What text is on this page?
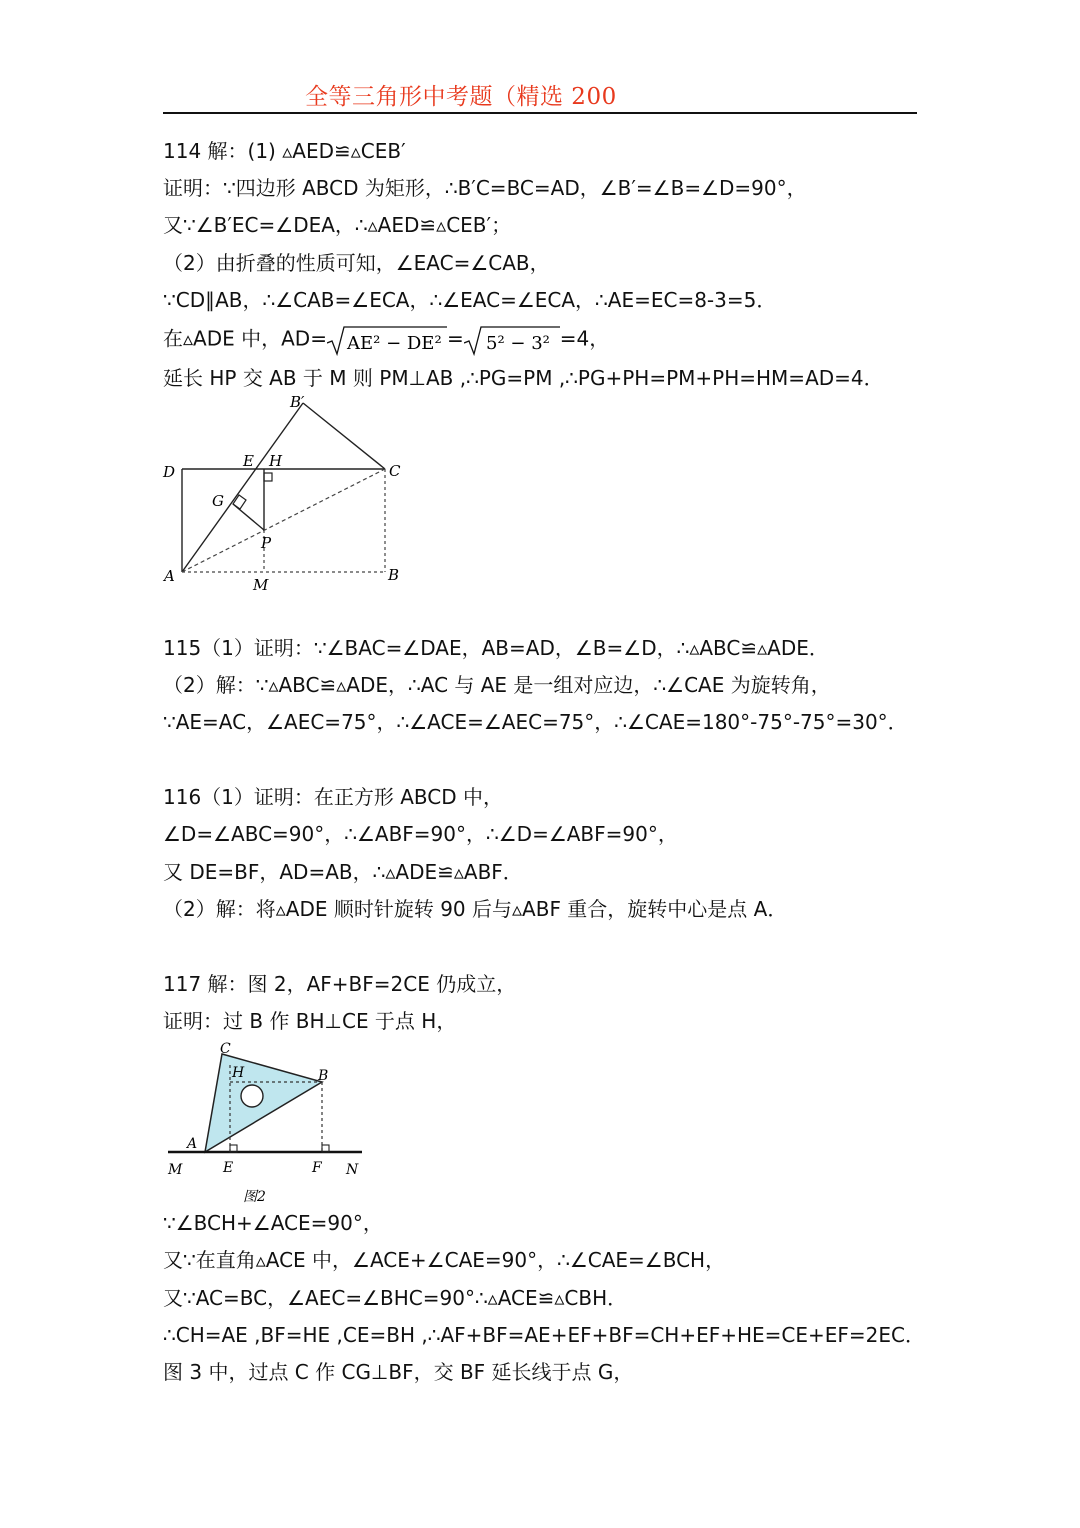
全等三角形中考题（精选 200
114 解：(1) ▵AED≌▵CEB′
证明：∵四边形 ABCD 为矩形，∴B′C=BC=AD，∠B′=∠B=∠D=90°，
又∵∠B′EC=∠DEA，∴▵AED≌▵CEB′；
（2）由折叠的性质可知，∠EAC=∠CAB，
∵CD∥AB，∴∠CAB=∠ECA，∴∠EAC=∠ECA，∴AE=EC=8-3=5．
在▵ADE 中，AD= AE² − DE² = 5² − 3² =4，
延长 HP 交 AB 于 M 则 PM⊥AB ,∴PG=PM ,∴PG+PH=PM+PH=HM=AD=4．
B′
D
E H
C
G
P
A	M
B
115（1）证明：∵∠BAC=∠DAE，AB=AD，∠B=∠D，∴▵ABC≌▵ADE．
（2）解：∵▵ABC≌▵ADE，∴AC 与 AE 是一组对应边，∴∠CAE 为旋转角，
∵AE=AC，∠AEC=75°，∴∠ACE=∠AEC=75°，∴∠CAE=180°-75°-75°=30°．
116（1）证明：在正方形 ABCD 中，
∠D=∠ABC=90°，∴∠ABF=90°，∴∠D=∠ABF=90°，
又 DE=BF，AD=AB，∴▵ADE≌▵ABF．
（2）解：将▵ADE 顺时针旋转 90 后与▵ABF 重合，旋转中心是点 A．
117 解：图 2，AF+BF=2CE 仍成立，
证明：过 B 作 BH⊥CE 于点 H，
C
H	B
A
M	E	F N
图2
∵∠BCH+∠ACE=90°，
又∵在直角▵ACE 中，∠ACE+∠CAE=90°，∴∠CAE=∠BCH，
又∵AC=BC，∠AEC=∠BHC=90°∴▵ACE≌▵CBH．
∴CH=AE ,BF=HE ,CE=BH ,∴AF+BF=AE+EF+BF=CH+EF+HE=CE+EF=2EC．
图 3 中，过点 C 作 CG⊥BF，交 BF 延长线于点 G，
